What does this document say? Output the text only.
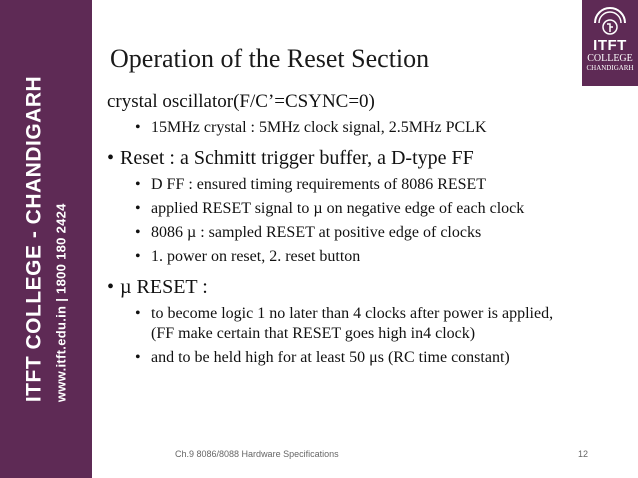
ITFT COLLEGE - CHANDIGARH www.itft.edu.in | 1800 180 2424
ITFT
COLLEGE
CHANDIGARH
Operation of the Reset Section

crystal oscillator(F/C’=CSYNC=0)

• 15MHz crystal : 5MHz clock signal, 2.5MHz PCLK

• Reset : a Schmitt trigger buffer, a D-type FF

• D FF : ensured timing requirements of 8086 RESET

• applied RESET signal to µ on negative edge of each clock

• 8086 µ : sampled RESET at positive edge of clocks

• 1. power on reset, 2. reset button

• µ RESET :

• to become logic 1 no later than 4 clocks after power is applied, (FF make certain that RESET goes high in4 clock)

• and to be held high for at least 50 μs (RC time constant)

Ch.9 8086/8088 Hardware Specifications	12
